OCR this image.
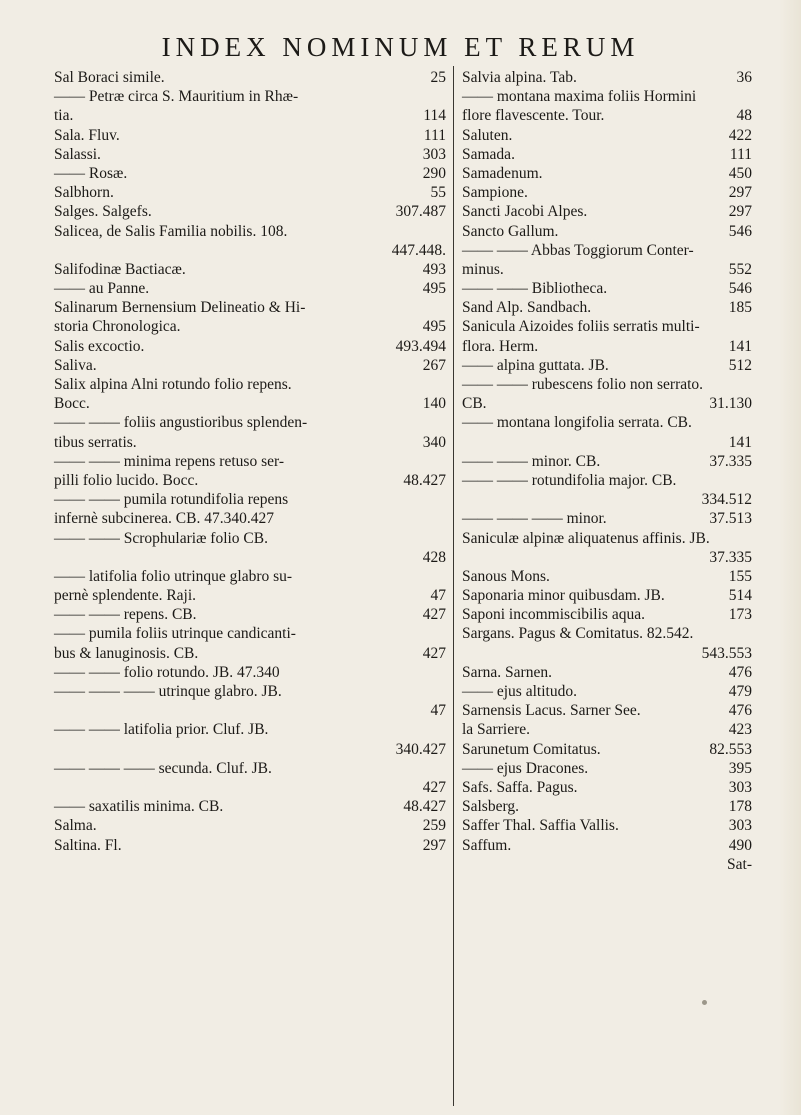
INDEX NOMINUM ET RERUM
Sal Boraci simile.	25
—— Petræ circa S. Mauritium in Rhæ-
tia.	114
Sala. Fluv.	111
Salassi.	303
—— Rosæ.	290
Salbhorn.	55
Salges. Salgefs.	307.487
Salicea, de Salis Familia nobilis. 108.
447.448.
Salifodinæ Bactiacæ.	493
—— au Panne.	495
Salinarum Bernensium Delineatio & Hi-
storia Chronologica.	495
Salis excoctio.	493.494
Saliva.	267
Salix alpina Alni rotundo folio repens.
Bocc.	140
—— —— foliis angustioribus splenden-
tibus serratis.	340
—— —— minima repens retuso ser-
pilli folio lucido. Bocc.	48.427
—— —— pumila rotundifolia repens
infernè subcinerea. CB. 47.340.427
—— —— Scrophulariæ folio CB.
428
—— latifolia folio utrinque glabro su-
pernè splendente. Raji.	47
—— —— repens. CB.	427
—— pumila foliis utrinque candicanti-
bus & lanuginosis. CB.	427
—— —— folio rotundo. JB. 47.340
—— —— —— utrinque glabro. JB.
47
—— —— latifolia prior. Cluf. JB.
340.427
—— —— —— secunda. Cluf. JB.
427
—— saxatilis minima. CB.	48.427
Salma.	259
Saltina. Fl.	297
Salvia alpina. Tab.	36
—— montana maxima foliis Hormini
flore flavescente. Tour.	48
Saluten.	422
Samada.	111
Samadenum.	450
Sampione.	297
Sancti Jacobi Alpes.	297
Sancto Gallum.	546
—— —— Abbas Toggiorum Conter-
minus.	552
—— —— Bibliotheca.	546
Sand Alp. Sandbach.	185
Sanicula Aizoides foliis serratis multi-
flora. Herm.	141
—— alpina guttata. JB.	512
—— —— rubescens folio non serrato.
CB.	31.130
—— montana longifolia serrata. CB.
141
—— —— minor. CB.	37.335
—— —— rotundifolia major. CB.
334.512
—— —— —— minor.	37.513
Saniculæ alpinæ aliquatenus affinis. JB.
37.335
Sanous Mons.	155
Saponaria minor quibusdam. JB.	514
Saponi incommiscibilis aqua.	173
Sargans. Pagus & Comitatus. 82.542.
543.553
Sarna. Sarnen.	476
—— ejus altitudo.	479
Sarnensis Lacus. Sarner See.	476
la Sarriere.	423
Sarunetum Comitatus.	82.553
—— ejus Dracones.	395
Safs. Saffa. Pagus.	303
Salsberg.	178
Saffer Thal. Saffia Vallis.	303
Saffum.	490
Sat-
